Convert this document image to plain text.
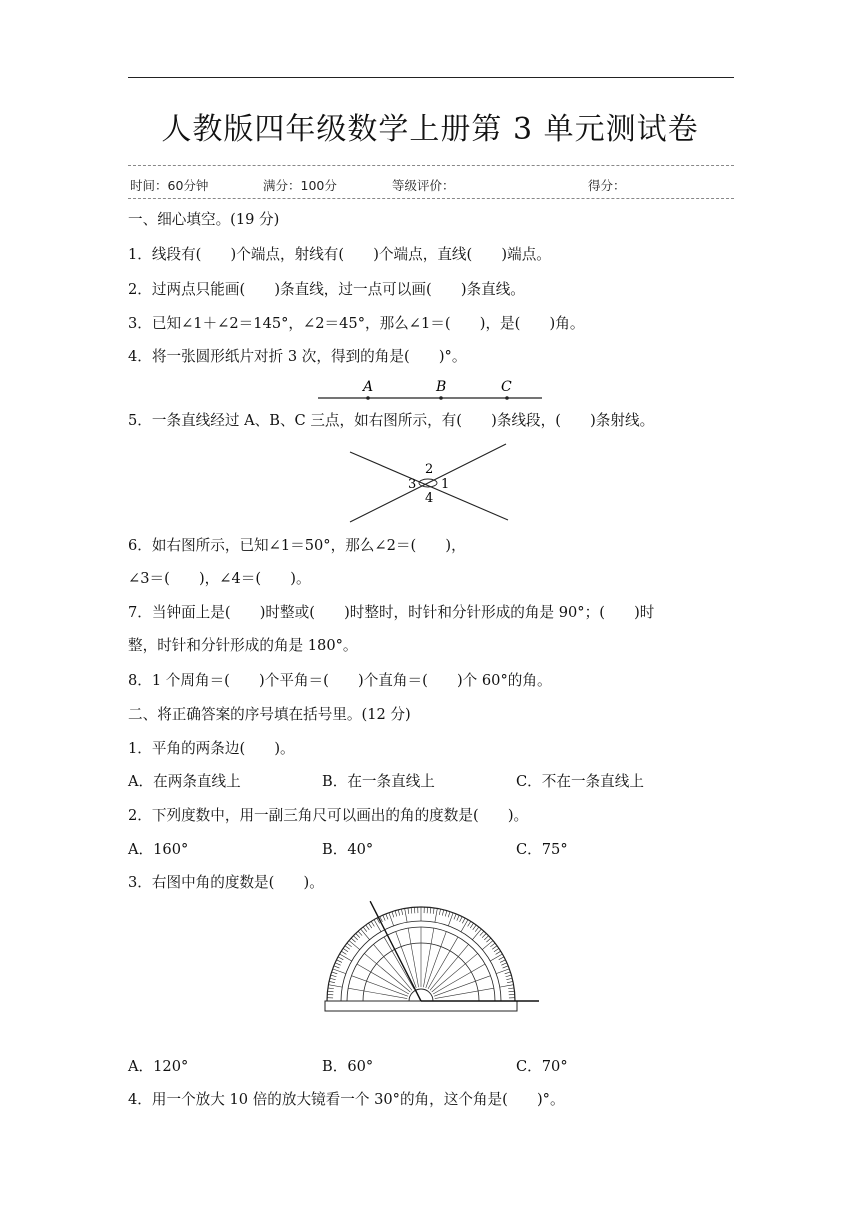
人教版四年级数学上册第 3 单元测试卷
时间：60分钟	满分：100分	等级评价：	得分：
一、细心填空。(19 分)
1．线段有(　　)个端点，射线有(　　)个端点，直线(　　)端点。
2．过两点只能画(　　)条直线，过一点可以画(　　)条直线。
3．已知∠1＋∠2＝145°，∠2＝45°，那么∠1＝(　　)，是(　　)角。
4．将一张圆形纸片对折 3 次，得到的角是(　　)°。
A	B	C
5．一条直线经过 A、B、C 三点，如右图所示，有(　　)条线段，(　　)条射线。
2
3 1
4
6．如右图所示，已知∠1＝50°，那么∠2＝(　　)，
∠3＝(　　)，∠4＝(　　)。
7．当钟面上是(　　)时整或(　　)时整时，时针和分针形成的角是 90°；(　　)时
整，时针和分针形成的角是 180°。
8．1 个周角＝(　　)个平角＝(　　)个直角＝(　　)个 60°的角。
二、将正确答案的序号填在括号里。(12 分)
1．平角的两条边(　　)。
A．在两条直线上	B．在一条直线上	C．不在一条直线上
2．下列度数中，用一副三角尺可以画出的角的度数是(　　)。
A．160°	B．40°	C．75°
3．右图中角的度数是(　　)。
A．120°	B．60°	C．70°
4．用一个放大 10 倍的放大镜看一个 30°的角，这个角是(　　)°。
